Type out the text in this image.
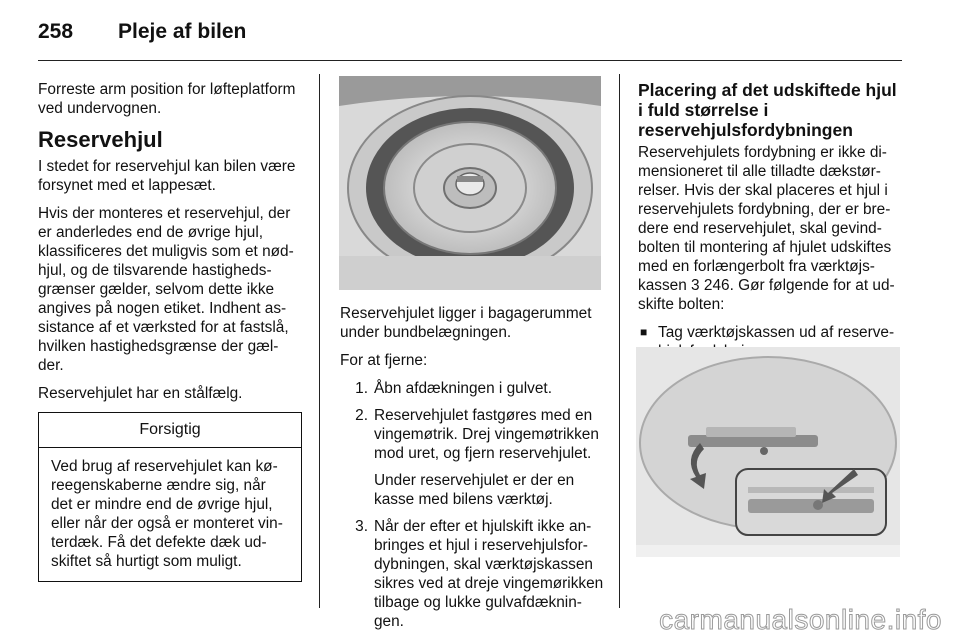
258 Pleje af bilen

Forreste arm position for løfteplatform ved undervognen.

Reservehjul

I stedet for reservehjul kan bilen være forsynet med et lappesæt.

Hvis der monteres et reservehjul, der er anderledes end de øvrige hjul, klassificeres det muligvis som et nød-hjul, og de tilsvarende hastigheds-grænser gælder, selvom dette ikke angives på nogen etiket. Indhent as-sistance af et værksted for at fastslå, hvilken hastighedsgrænse der gæl-der.

Reservehjulet har en stålfælg.

Forsigtig
Ved brug af reservehjulet kan kø-reegenskaberne ændre sig, når det er mindre end de øvrige hjul, eller når der også er monteret vin-terdæk. Få det defekte dæk ud-skiftet så hurtigt som muligt.

Reservehjulet ligger i bagagerummet under bundbelægningen.

For at fjerne:

1. Åbn afdækningen i gulvet.
2. Reservehjulet fastgøres med en vingemøtrik. Drej vingemøtrikken mod uret, og fjern reservehjulet.
Under reservehjulet er der en kasse med bilens værktøj.
3. Når der efter et hjulskift ikke an-bringes et hjul i reservehjulsfor-dybningen, skal værktøjskassen sikres ved at dreje vingemørikken tilbage og lukke gulvafdæknin-gen.
Placering af det udskiftede hjul i fuld størrelse i reservehjulsfordybningen

Reservehjulets fordybning er ikke di-mensioneret til alle tilladte dækstør-relser. Hvis der skal placeres et hjul i reservehjulets fordybning, der er bre-dere end reservehjulet, skal gevind-bolten til montering af hjulet udskiftes med en forlængerbolt fra værktøjs-kassen 3 246. Gør følgende for at ud-skifte bolten:

■ Tag værktøjskassen ud af reserve-
carmanualsonline.info
